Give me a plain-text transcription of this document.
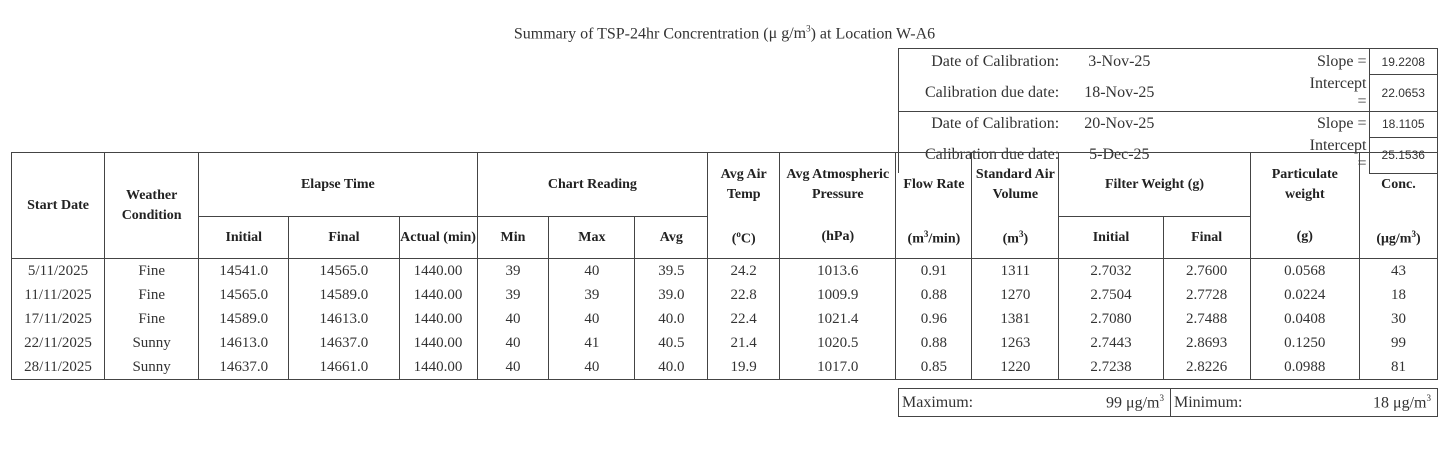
Summary of TSP-24hr Concrentration (μ $g/m^3$) at Location W-A6
Date of Calibration:	3-Nov-25		Slope =	19.2208
Calibration due date:	18-Nov-25		Intercept =	22.0653
Date of Calibration:	20-Nov-25		Slope =	18.1105
Calibration due date:	5-Dec-25		Intercept =	25.1536
Start Date	Weather Condition	Elapse Time			Chart Reading			Avg Air Temp	Avg Atmospheric Pressure	Flow Rate	Standard Air Volume	Filter Weight (g)		Particulate weight	Conc.
		Initial	Final	Actual (min)	Min	Max	Avg	($^o$C)	(hPa)	$(m^3/\min)$	$(m^3)$	Initial	Final	(g)	$(\mu g/m^3)$
5/11/2025	Fine	14541.0	14565.0	1440.00	39	40	39.5	24.2	1013.6	0.91	1311	2.7032	2.7600	0.0568	43
11/11/2025	Fine	14565.0	14589.0	1440.00	39	39	39.0	22.8	1009.9	0.88	1270	2.7504	2.7728	0.0224	18
17/11/2025	Fine	14589.0	14613.0	1440.00	40	40	40.0	22.4	1021.4	0.96	1381	2.7080	2.7488	0.0408	30
22/11/2025	Sunny	14613.0	14637.0	1440.00	40	41	40.5	21.4	1020.5	0.88	1263	2.7443	2.8693	0.1250	99
28/11/2025	Sunny	14637.0	14661.0	1440.00	40	40	40.0	19.9	1017.0	0.85	1220	2.7238	2.8226	0.0988	81
Maximum:	99 $\mu g/m^3$	Minimum:	18 $\mu g/m^3$
